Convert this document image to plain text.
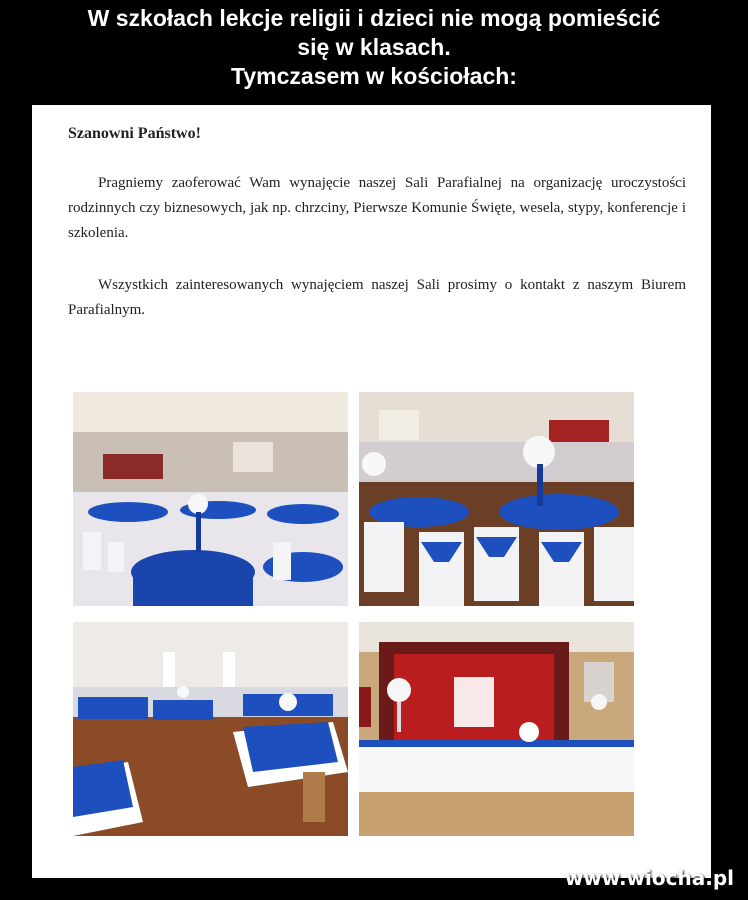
W szkołach lekcje religii i dzieci nie mogą pomieścić
się w klasach.
Tymczasem w kościołach:

Szanowni Państwo!

Pragniemy zaoferować Wam wynajęcie naszej Sali Parafialnej na organizację uroczystości rodzinnych czy biznesowych, jak np. chrzciny, Pierwsze Komunie Święte, wesela, stypy, konferencje i szkolenia.

Wszystkich zainteresowanych wynajęciem naszej Sali prosimy o kontakt z naszym Biurem Parafialnym.

www.wiocha.pl
